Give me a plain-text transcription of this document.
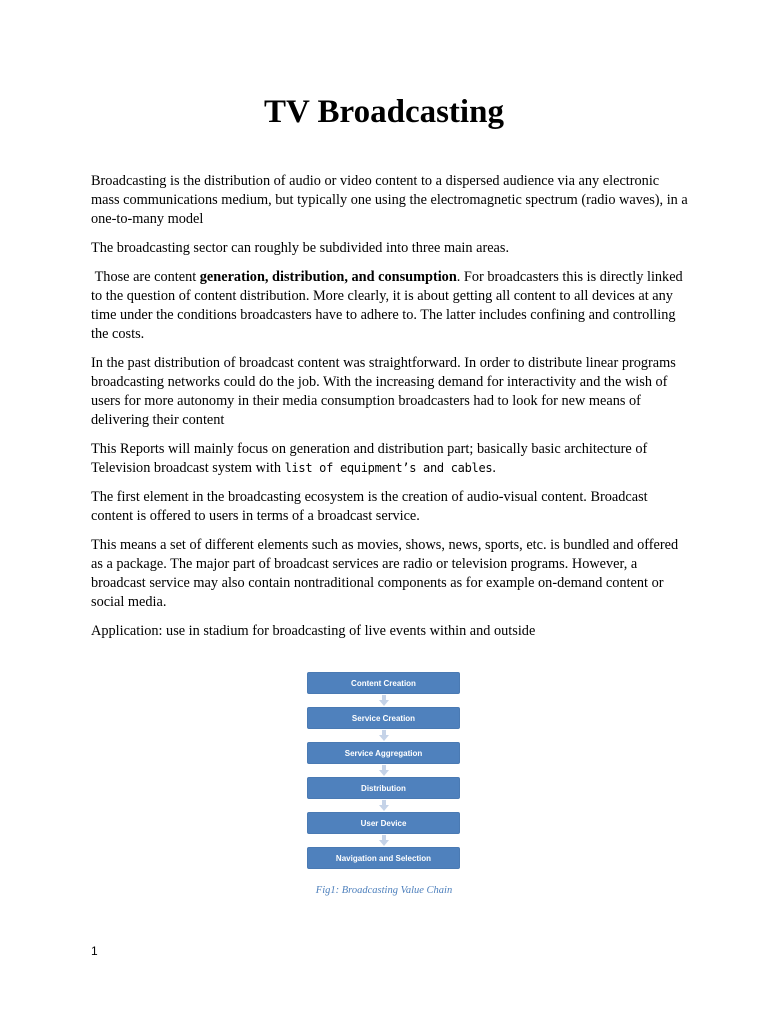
TV Broadcasting

Broadcasting is the distribution of audio or video content to a dispersed audience via any electronic mass communications medium, but typically one using the electromagnetic spectrum (radio waves), in a one-to-many model

The broadcasting sector can roughly be subdivided into three main areas.

Those are content generation, distribution, and consumption. For broadcasters this is directly linked to the question of content distribution. More clearly, it is about getting all content to all devices at any time under the conditions broadcasters have to adhere to. The latter includes confining and controlling the costs.

In the past distribution of broadcast content was straightforward. In order to distribute linear programs broadcasting networks could do the job. With the increasing demand for interactivity and the wish of users for more autonomy in their media consumption broadcasters had to look for new means of delivering their content

This Reports will mainly focus on generation and distribution part; basically basic architecture of Television broadcast system with list of equipment’s and cables.

The first element in the broadcasting ecosystem is the creation of audio-visual content. Broadcast content is offered to users in terms of a broadcast service.

This means a set of different elements such as movies, shows, news, sports, etc. is bundled and offered as a package. The major part of broadcast services are radio or television programs. However, a broadcast service may also contain nontraditional components as for example on-demand content or social media.

Application: use in stadium for broadcasting of live events within and outside

Content Creation
Service Creation
Service Aggregation
Distribution
User Device
Navigation and Selection
Fig1: Broadcasting Value Chain
1
